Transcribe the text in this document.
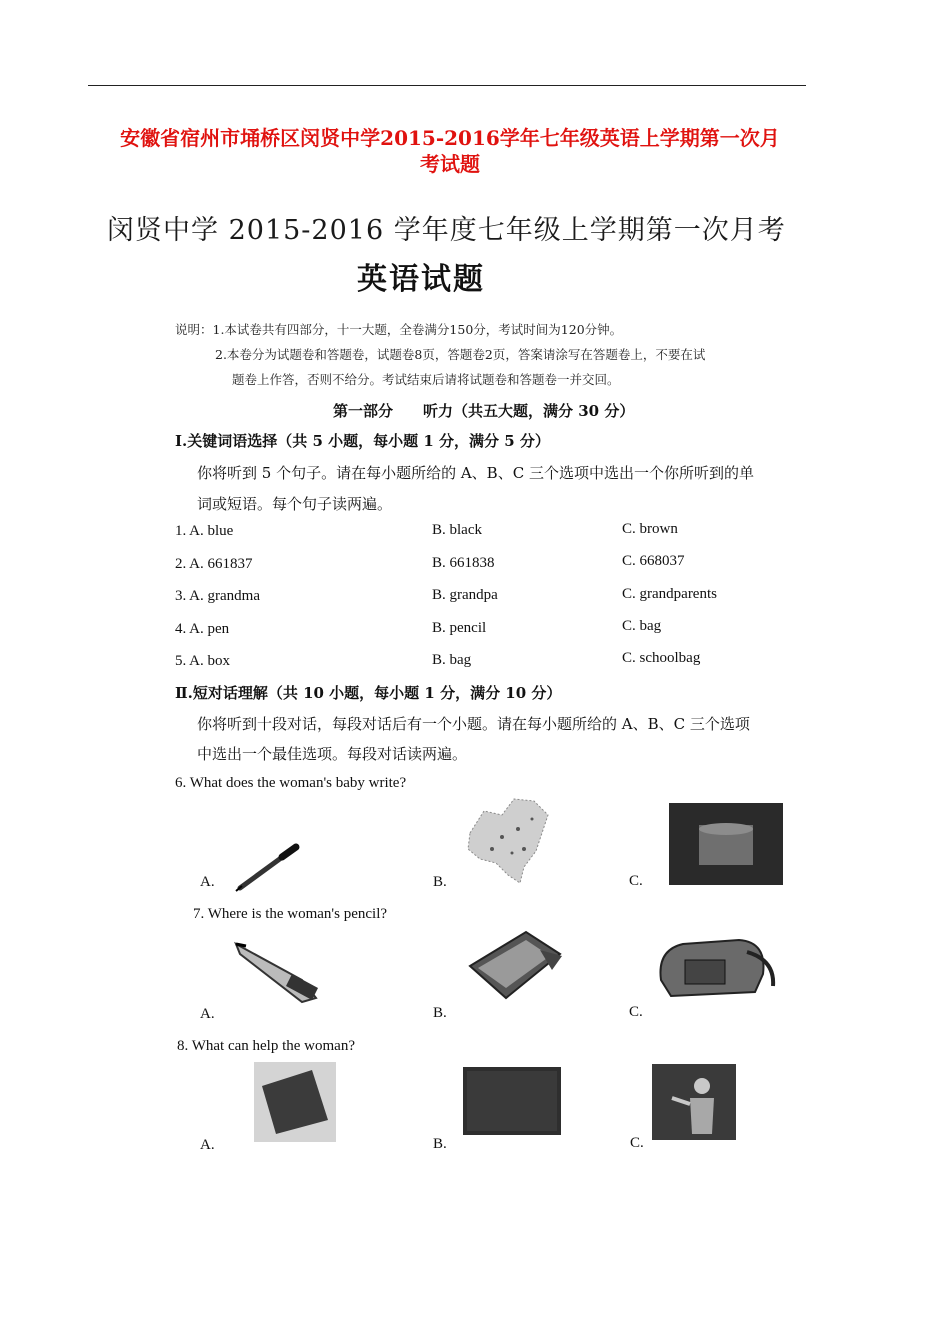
安徽省宿州市埇桥区闵贤中学2015-2016学年七年级英语上学期第一次月
考试题
闵贤中学 2015-2016 学年度七年级上学期第一次月考
英语试题
说明：1.本试卷共有四部分，十一大题，全卷满分150分，考试时间为120分钟。
2.本卷分为试题卷和答题卷，试题卷8页，答题卷2页，答案请涂写在答题卷上，不要在试
题卷上作答，否则不给分。考试结束后请将试题卷和答题卷一并交回。
第一部分　　听力（共五大题，满分 30 分）
Ⅰ.关键词语选择（共 5 小题，每小题 1 分，满分 5 分）
你将听到 5 个句子。请在每小题所给的 A、B、C 三个选项中选出一个你所听到的单
词或短语。每个句子读两遍。
1. A. blue	B. black	C. brown
2. A. 661837	B. 661838	C. 668037
3. A. grandma	B. grandpa	C. grandparents
4. A. pen	B. pencil	C. bag
5. A. box	B. bag	C. schoolbag
Ⅱ.短对话理解（共 10 小题，每小题 1 分，满分 10 分）
你将听到十段对话，每段对话后有一个小题。请在每小题所给的 A、B、C 三个选项
中选出一个最佳选项。每段对话读两遍。
6. What does the woman's baby write?
A.	B.	C.
7. Where is the woman's pencil?
A.	B.	C.
8. What can help the woman?
A.	B.	C.
